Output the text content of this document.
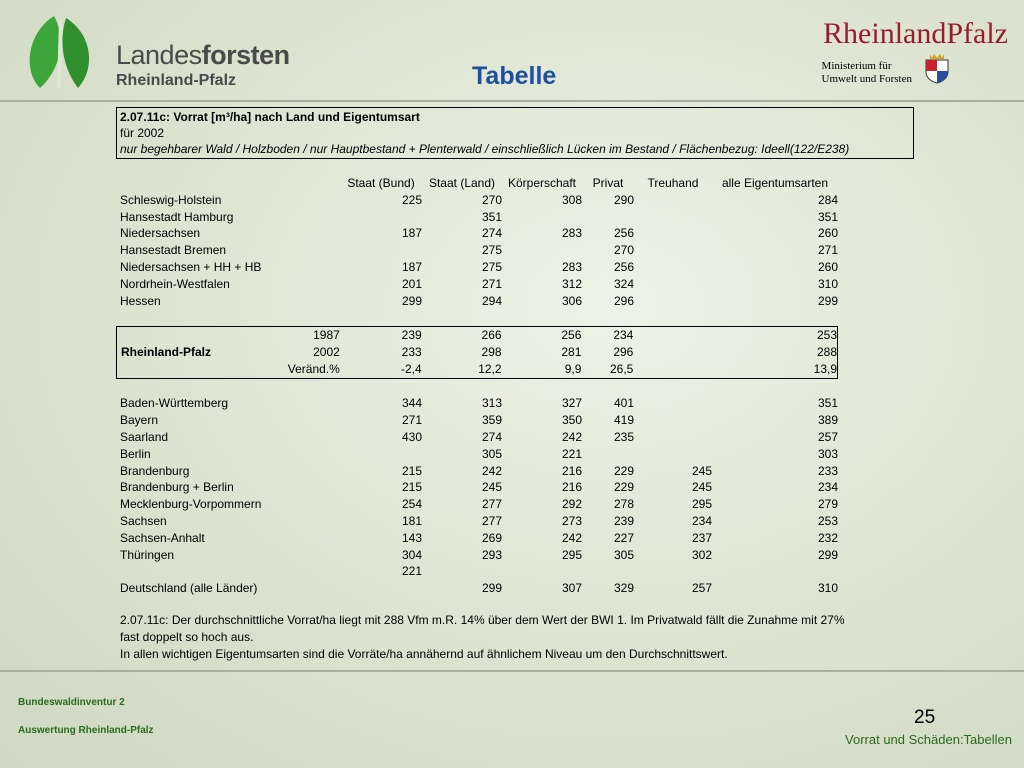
Landesforsten
Rheinland-Pfalz	Tabelle
RheinlandPfalz
Ministerium für
Umwelt und Forsten
2.07.11c: Vorrat [m³/ha] nach Land und Eigentumsart
für 2002
nur begehbarer Wald / Holzboden / nur Hauptbestand + Plenterwald / einschließlich Lücken im Bestand / Flächenbezug: Ideell(122/E238)
		Staat (Bund)	Staat (Land)	Körperschaft	Privat	Treuhand	alle Eigentumsarten
Schleswig-Holstein		225	270	308	290		284
Hansestadt Hamburg			351				351
Niedersachsen		187	274	283	256		260
Hansestadt Bremen			275		270		271
Niedersachsen + HH + HB		187	275	283	256		260
Nordrhein-Westfalen		201	271	312	324		310
Hessen		299	294	306	296		299

	1987	239	266	256	234		253
Rheinland-Pfalz	2002	233	298	281	296		288
	Veränd.%	-2,4	12,2	9,9	26,5		13,9

Baden-Württemberg		344	313	327	401		351
Bayern		271	359	350	419		389
Saarland		430	274	242	235		257
Berlin			305	221			303
Brandenburg		215	242	216	229	245	233
Brandenburg + Berlin		215	245	216	229	245	234
Mecklenburg-Vorpommern		254	277	292	278	295	279
Sachsen		181	277	273	239	234	253
Sachsen-Anhalt		143	269	242	227	237	232
Thüringen		304	293	295	305	302	299
		221					
Deutschland (alle Länder)			299	307	329	257	310
2.07.11c: Der durchschnittliche Vorrat/ha liegt mit 288 Vfm m.R. 14% über dem Wert der BWI 1. Im Privatwald fällt die Zunahme mit 27%
fast doppelt so hoch aus.
In allen wichtigen Eigentumsarten sind die Vorräte/ha annähernd auf ähnlichem Niveau um den Durchschnittswert.
Bundeswaldinventur 2
Auswertung Rheinland-Pfalz
25
Vorrat und Schäden:Tabellen
